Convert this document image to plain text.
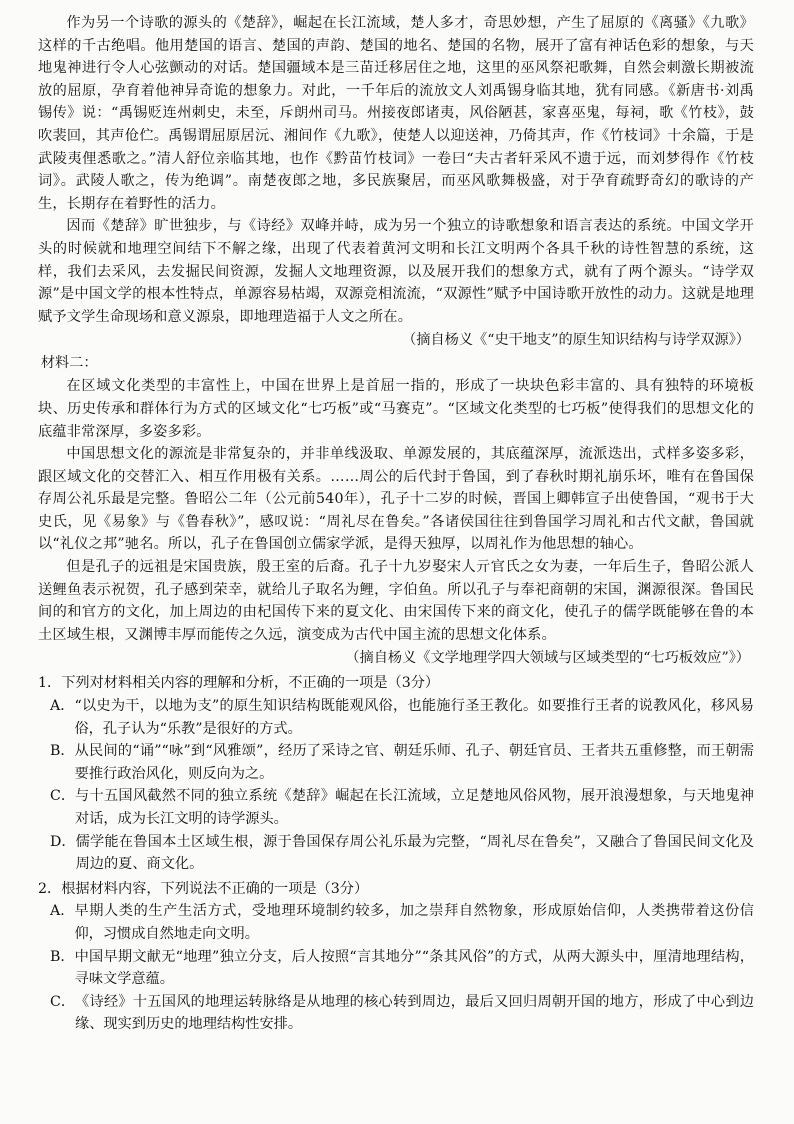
作为另一个诗歌的源头的《楚辞》，崛起在长江流域，楚人多才，奇思妙想，产生了屈原的《离骚》《九歌》这样的千古绝唱。他用楚国的语言、楚国的声韵、楚国的地名、楚国的名物，展开了富有神话色彩的想象，与天地鬼神进行令人心弦颤动的对话。楚国疆域本是三苗迁移居住之地，这里的巫风祭祀歌舞，自然会刺激长期被流放的屈原，孕育着他神异奇诡的想象力。对此，一千年后的流放文人刘禹锡身临其地，犹有同感。《新唐书·刘禹锡传》说：“禹锡贬连州刺史，未至，斥朗州司马。州接夜郎诸夷，风俗陋甚，家喜巫鬼，每祠，歌《竹枝》，鼓吹裴回，其声伧伫。禹锡谓屈原居沅、湘间作《九歌》，使楚人以迎送神，乃倚其声，作《竹枝词》十余篇，于是武陵夷俚悉歌之。”清人舒位亲临其地，也作《黔苗竹枝词》一卷曰“夫古者轩采风不遗于远，而刘梦得作《竹枝词》。武陵人歌之，传为绝调”。南楚夜郎之地，多民族聚居，而巫风歌舞极盛，对于孕育疏野奇幻的歌诗的产生，长期存在着野性的活力。

因而《楚辞》旷世独步，与《诗经》双峰并峙，成为另一个独立的诗歌想象和语言表达的系统。中国文学开头的时候就和地理空间结下不解之缘，出现了代表着黄河文明和长江文明两个各具千秋的诗性智慧的系统，这样，我们去采风，去发掘民间资源，发掘人文地理资源，以及展开我们的想象方式，就有了两个源头。“诗学双源”是中国文学的根本性特点，单源容易枯竭，双源竞相流流，“双源性”赋予中国诗歌开放性的动力。这就是地理赋予文学生命现场和意义源泉，即地理造福于人文之所在。

（摘自杨义《“史干地支”的原生知识结构与诗学双源》）

材料二：

在区域文化类型的丰富性上，中国在世界上是首屈一指的，形成了一块块色彩丰富的、具有独特的环境板块、历史传承和群体行为方式的区域文化“七巧板”或“马赛克”。“区域文化类型的七巧板”使得我们的思想文化的底蕴非常深厚，多姿多彩。

中国思想文化的源流是非常复杂的，并非单线汲取、单源发展的，其底蕴深厚，流派迭出，式样多姿多彩，跟区域文化的交替汇入、相互作用极有关系。……周公的后代封于鲁国，到了春秋时期礼崩乐坏，唯有在鲁国保存周公礼乐最是完整。鲁昭公二年（公元前540年），孔子十二岁的时候，晋国上卿韩宣子出使鲁国，“观书于大史氏，见《易象》与《鲁春秋》”，感叹说：“周礼尽在鲁矣。”各诸侯国往往到鲁国学习周礼和古代文献，鲁国就以“礼仪之邦”驰名。所以，孔子在鲁国创立儒家学派，是得天独厚，以周礼作为他思想的轴心。

但是孔子的远祖是宋国贵族，殷王室的后裔。孔子十九岁娶宋人亓官氏之女为妻，一年后生子，鲁昭公派人送鲤鱼表示祝贺，孔子感到荣幸，就给儿子取名为鲤，字伯鱼。所以孔子与奉祀商朝的宋国，渊源很深。鲁国民间的和官方的文化，加上周边的由杞国传下来的夏文化、由宋国传下来的商文化，使孔子的儒学既能够在鲁的本土区域生根，又渊博丰厚而能传之久远，演变成为古代中国主流的思想文化体系。

（摘自杨义《文学地理学四大领域与区域类型的“七巧板效应”》）

1．下列对材料相关内容的理解和分析，不正确的一项是（3分）

A． “以史为干，以地为支”的原生知识结构既能观风俗，也能施行圣王教化。如要推行王者的说教风化，移风易俗，孔子认为“乐教”是很好的方式。
B． 从民间的“诵”“咏”到“风雅颂”，经历了采诗之官、朝廷乐师、孔子、朝廷官员、王者共五重修整，而王朝需要推行政治风化，则反向为之。
C． 与十五国风截然不同的独立系统《楚辞》崛起在长江流域，立足楚地风俗风物，展开浪漫想象，与天地鬼神对话，成为长江文明的诗学源头。
D． 儒学能在鲁国本土区域生根，源于鲁国保存周公礼乐最为完整，“周礼尽在鲁矣”，又融合了鲁国民间文化及周边的夏、商文化。

2．根据材料内容，下列说法不正确的一项是（3分）

A． 早期人类的生产生活方式，受地理环境制约较多，加之崇拜自然物象，形成原始信仰，人类携带着这份信仰，习惯成自然地走向文明。
B． 中国早期文献无“地理”独立分支，后人按照“言其地分”“条其风俗”的方式，从两大源头中，厘清地理结构，寻味文学意蕴。
C． 《诗经》十五国风的地理运转脉络是从地理的核心转到周边，最后又回归周朝开国的地方，形成了中心到边缘、现实到历史的地理结构性安排。
